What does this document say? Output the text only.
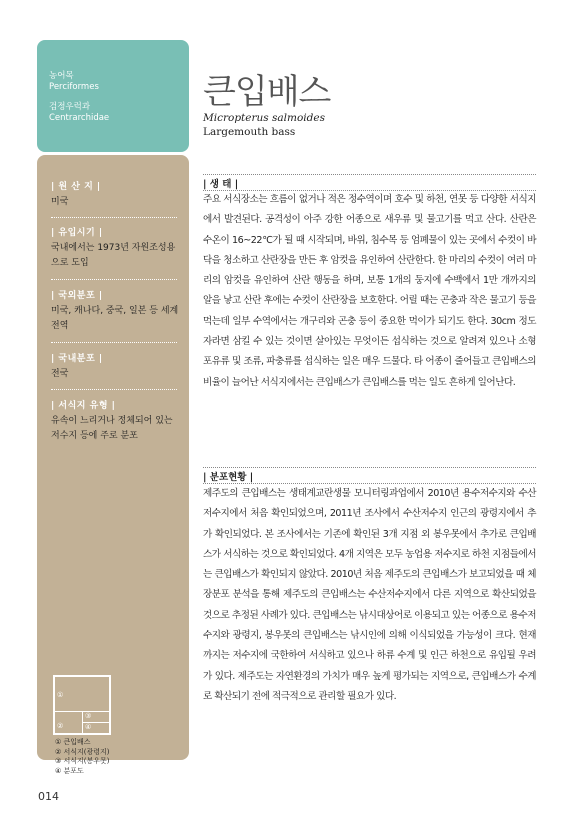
농어목
Perciformes
검정우럭과
Centrarchidae
| 원 산 지 |
미국
| 유입시기 |
국내에서는 1973년 자원조성용으로 도입
| 국외분포 |
미국, 캐나다, 중국, 일본 등 세계 전역
| 국내분포 |
전국
| 서식지 유형 |
유속이 느리거나 정체되어 있는 저수지 등에 주로 분포
①
②
③
④
① 큰입배스
② 서식지(광령지)
③ 서식지(봉우못)
④ 분포도
014
큰입배스
Micropterus salmoides
Largemouth bass
| 생 태 |
주요 서식장소는 흐름이 없거나 적은 정수역이며 호수 및 하천, 연못 등 다양한 서식지에서 발견된다. 공격성이 아주 강한 어종으로 새우류 및 물고기를 먹고 산다. 산란은 수온이 16~22℃가 될 때 시작되며, 바위, 침수목 등 엄폐물이 있는 곳에서 수컷이 바닥을 청소하고 산란장을 만든 후 암컷을 유인하여 산란한다. 한 마리의 수컷이 여러 마리의 암컷을 유인하여 산란 행동을 하며, 보통 1개의 둥지에 수백에서 1만 개까지의 알을 낳고 산란 후에는 수컷이 산란장을 보호한다. 어릴 때는 곤충과 작은 물고기 등을 먹는데 일부 수역에서는 개구리와 곤충 등이 중요한 먹이가 되기도 한다. 30cm 정도 자라면 삼킬 수 있는 것이면 살아있는 무엇이든 섭식하는 것으로 알려져 있으나 소형 포유류 및 조류, 파충류를 섭식하는 일은 매우 드물다. 타 어종이 줄어들고 큰입배스의 비율이 늘어난 서식지에서는 큰입배스가 큰입배스를 먹는 일도 흔하게 일어난다.
| 분포현황 |
제주도의 큰입배스는 생태계교란생물 모니터링과업에서 2010년 용수저수지와 수산저수지에서 처음 확인되었으며, 2011년 조사에서 수산저수지 인근의 광령지에서 추가 확인되었다. 본 조사에서는 기존에 확인된 3개 지점 외 봉우못에서 추가로 큰입배스가 서식하는 것으로 확인되었다. 4개 지역은 모두 농업용 저수지로 하천 지점들에서는 큰입배스가 확인되지 않았다. 2010년 처음 제주도의 큰입배스가 보고되었을 때 체장분포 분석을 통해 제주도의 큰입배스는 수산저수지에서 다른 지역으로 확산되었을 것으로 추정된 사례가 있다. 큰입배스는 낚시대상어로 이용되고 있는 어종으로 용수저수지와 광령지, 봉우못의 큰입배스는 낚시인에 의해 이식되었을 가능성이 크다. 현재까지는 저수지에 국한하여 서식하고 있으나 하류 수계 및 인근 하천으로 유입될 우려가 있다. 제주도는 자연환경의 가치가 매우 높게 평가되는 지역으로, 큰입배스가 수계로 확산되기 전에 적극적으로 관리할 필요가 있다.
